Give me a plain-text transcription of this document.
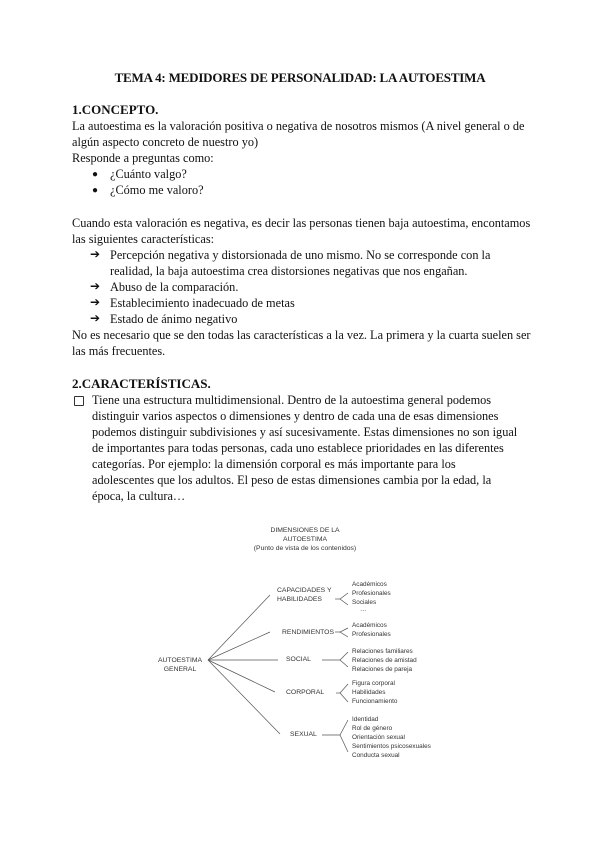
TEMA 4: MEDIDORES DE PERSONALIDAD: LA AUTOESTIMA
1.CONCEPTO.
La autoestima es la valoración positiva o negativa de nosotros mismos (A nivel general o de
algún aspecto concreto de nuestro yo)
Responde a preguntas como:
● ¿Cuánto valgo?
● ¿Cómo me valoro?
Cuando esta valoración es negativa, es decir las personas tienen baja autoestima, encontamos
las siguientes características:
➔ Percepción negativa y distorsionada de uno mismo. No se corresponde con la
realidad, la baja autoestima crea distorsiones negativas que nos engañan.
➔ Abuso de la comparación.
➔ Establecimiento inadecuado de metas
➔ Estado de ánimo negativo
No es necesario que se den todas las características a la vez. La primera y la cuarta suelen ser
las más frecuentes.
2.CARACTERÍSTICAS.
Tiene una estructura multidimensional. Dentro de la autoestima general podemos
distinguir varios aspectos o dimensiones y dentro de cada una de esas dimensiones
podemos distinguir subdivisiones y así sucesivamente. Estas dimensiones no son igual
de importantes para todas personas, cada uno establece prioridades en las diferentes
categorías. Por ejemplo: la dimensión corporal es más importante para los
adolescentes que los adultos. El peso de estas dimensiones cambia por la edad, la
época, la cultura…
DIMENSIONES DE LA
AUTOESTIMA
(Punto de vista de los contenidos)
AUTOESTIMA
GENERAL
CAPACIDADES Y
HABILIDADES
RENDIMIENTOS
SOCIAL
CORPORAL
SEXUAL
Académicos
Profesionales
Sociales
…
Académicos
Profesionales
Relaciones familiares
Relaciones de amistad
Relaciones de pareja
Figura corporal
Habilidades
Funcionamiento
Identidad
Rol de género
Orientación sexual
Sentimientos psicosexuales
Conducta sexual
